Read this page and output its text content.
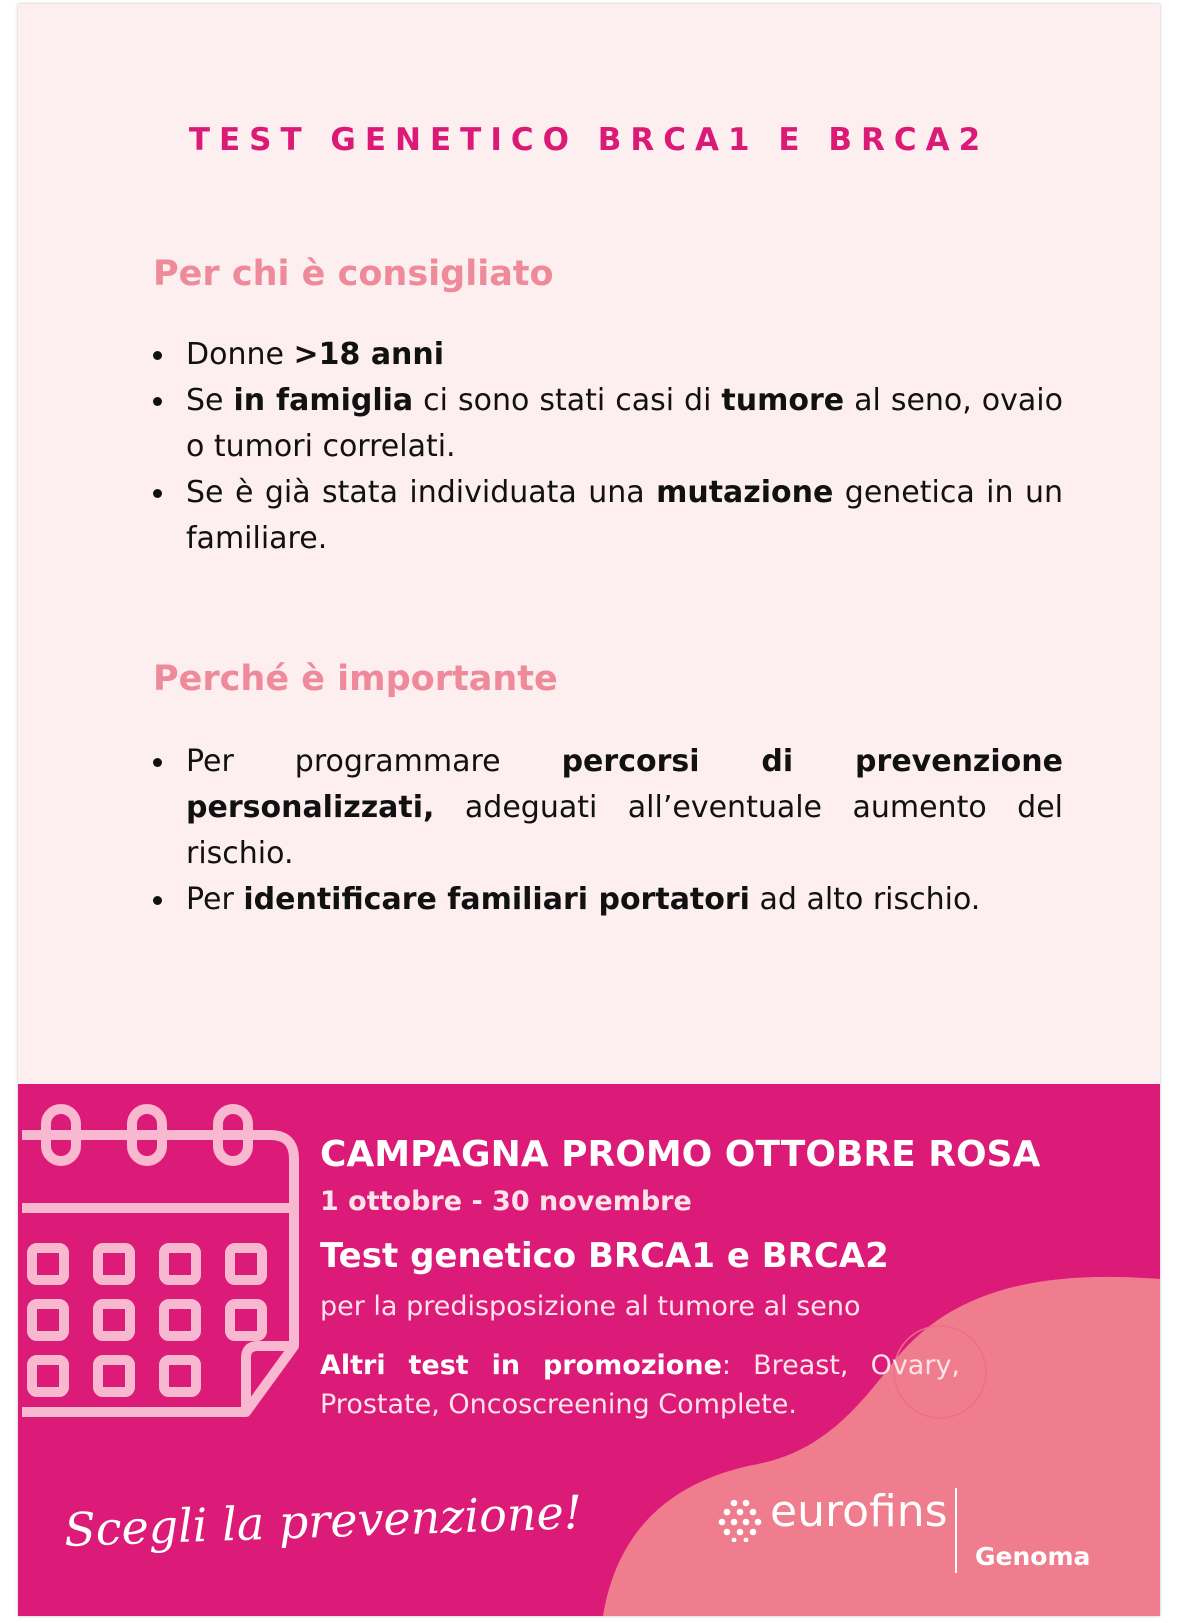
TEST GENETICO BRCA1 E BRCA2
Per chi è consigliato
Donne >18 anni
Se in famiglia ci sono stati casi di tumore al seno, ovaio o tumori correlati.
Se è già stata individuata una mutazione genetica in un familiare.
Perché è importante
Per programmare percorsi di prevenzione personalizzati, adeguati all’eventuale aumento del rischio.
Per identificare familiari portatori ad alto rischio.
CAMPAGNA PROMO OTTOBRE ROSA
1 ottobre - 30 novembre
Test genetico BRCA1 e BRCA2
per la predisposizione al tumore al seno
Altri test in promozione: Breast, Ovary, Prostate, Oncoscreening Complete.
Scegli la prevenzione!	eurofins
Genoma
